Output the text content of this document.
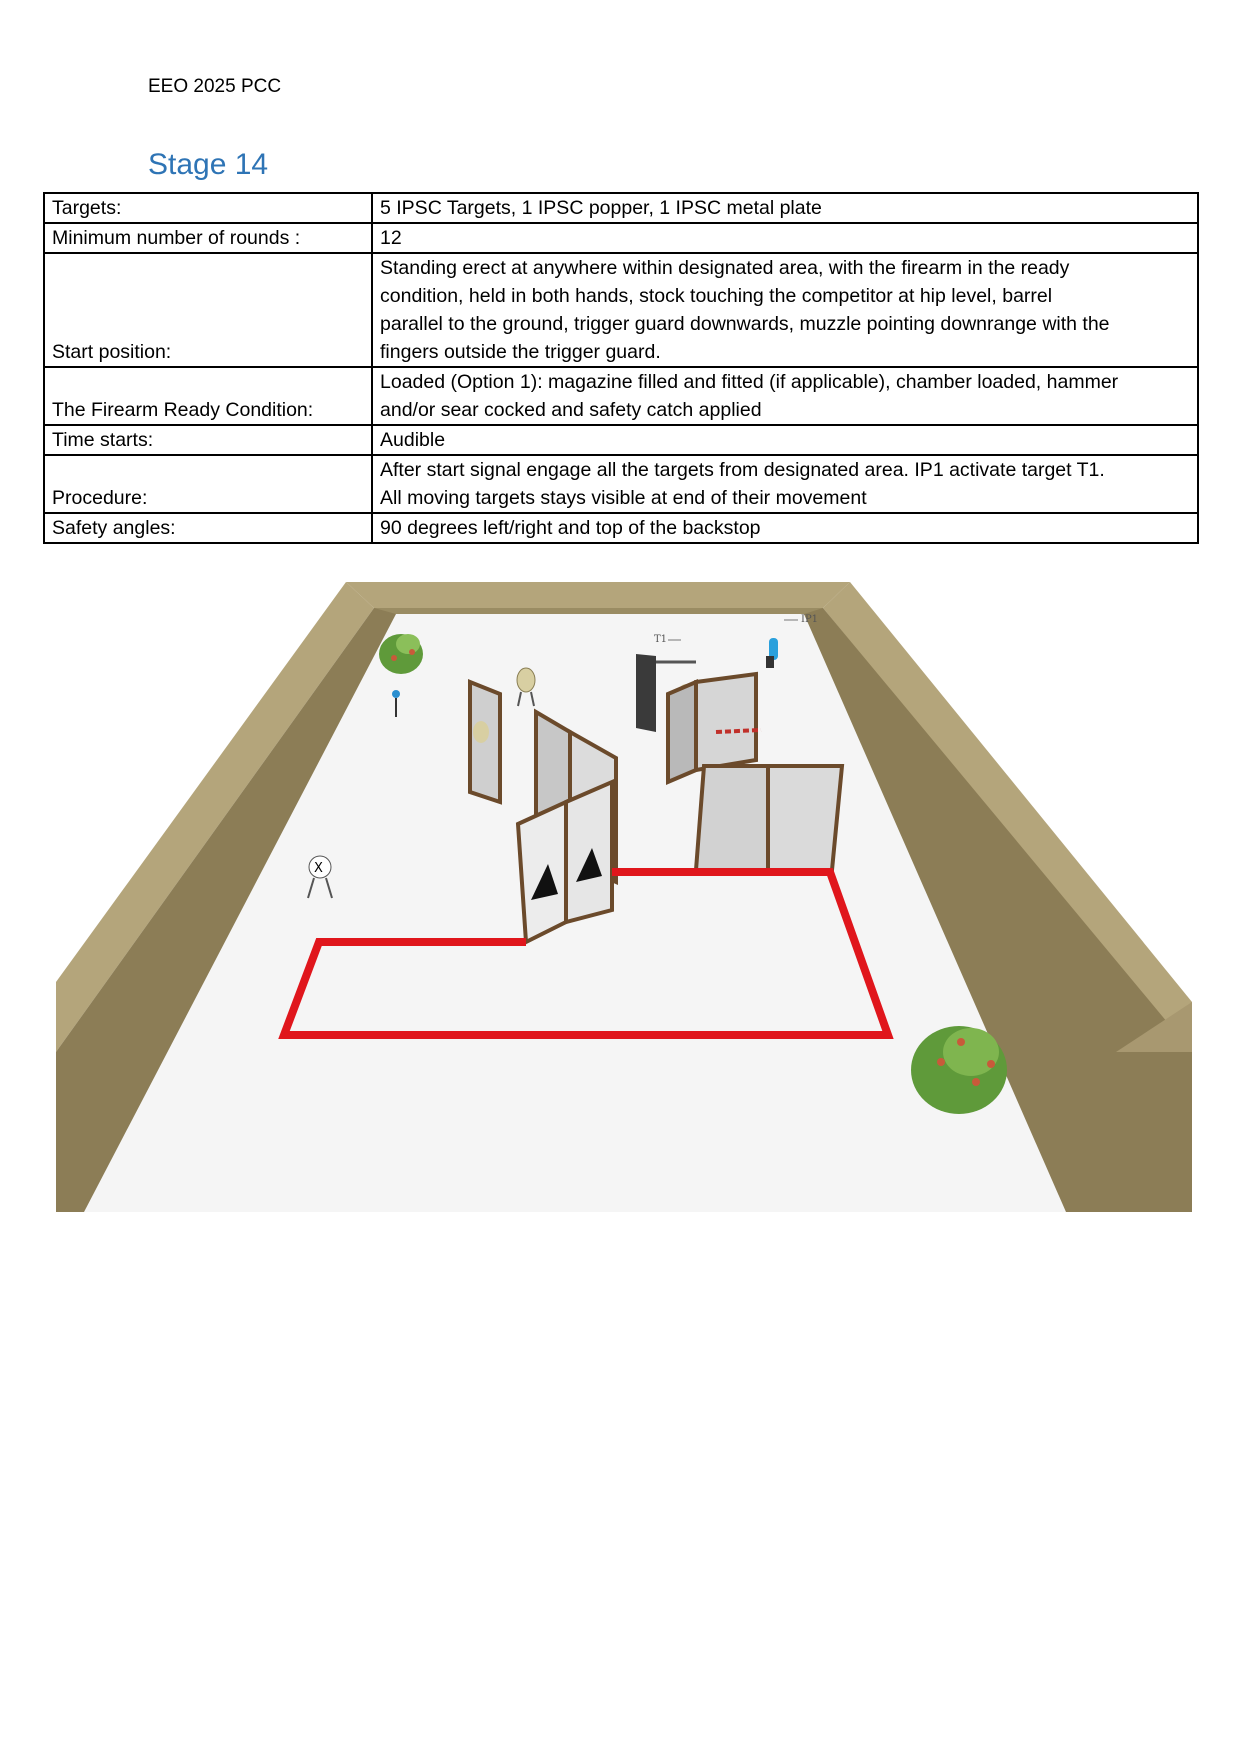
EEO 2025 PCC
Stage 14
Targets:	5 IPSC Targets, 1 IPSC popper, 1 IPSC metal plate
Minimum number of rounds :	12
Start position:	Standing erect at anywhere within designated area, with the firearm in the ready
condition, held in both hands, stock touching the competitor at hip level, barrel
parallel to the ground, trigger guard downwards, muzzle pointing downrange with the
fingers outside the trigger guard.
The Firearm Ready Condition:	Loaded (Option 1): magazine filled and fitted (if applicable), chamber loaded, hammer
and/or sear cocked and safety catch applied
Time starts:	Audible
Procedure:	After start signal engage all the targets from designated area. IP1 activate target T1.
All moving targets stays visible at end of their movement
Safety angles:	90 degrees left/right and top of the backstop
T1
IP1
X
